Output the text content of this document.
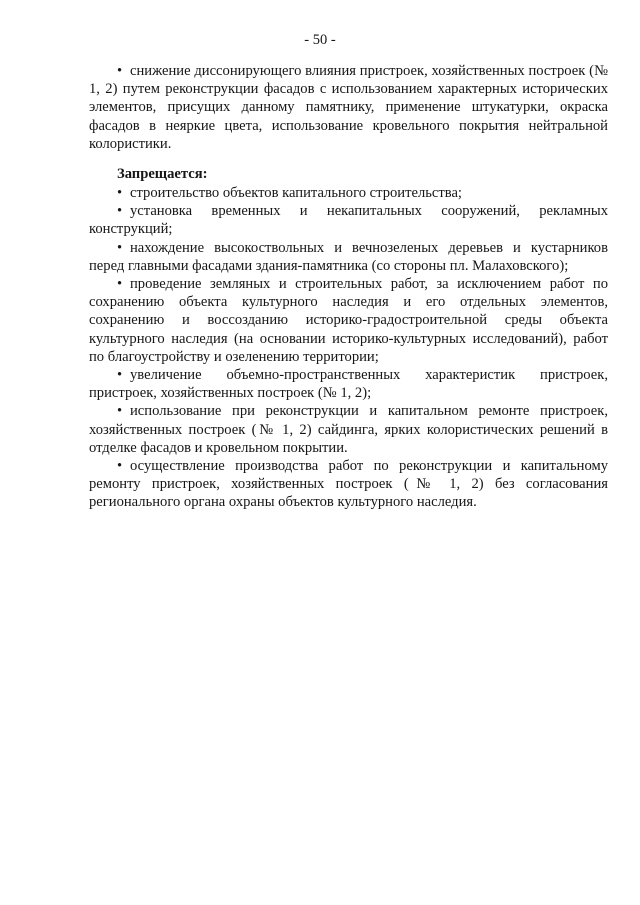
- 50 -

• снижение диссонирующего влияния пристроек, хозяйственных построек (№ 1, 2) путем реконструкции фасадов с использованием характерных исторических элементов, присущих данному памятнику, применение штукатурки, окраска фасадов в неяркие цвета, использование кровельного покрытия нейтральной колористики.

Запрещается:

• строительство объектов капитального строительства;

• установка временных и некапитальных сооружений, рекламных конструкций;

• нахождение высокоствольных и вечнозеленых деревьев и кустарников перед главными фасадами здания-памятника (со стороны пл. Малаховского);

• проведение земляных и строительных работ, за исключением работ по сохранению объекта культурного наследия и его отдельных элементов, сохранению и воссозданию историко-градостроительной среды объекта культурного наследия (на основании историко-культурных исследований), работ по благоустройству и озеленению территории;

• увеличение объемно-пространственных характеристик пристроек, пристроек, хозяйственных построек (№ 1, 2);

• использование при реконструкции и капитальном ремонте пристроек, хозяйственных построек (№ 1, 2) сайдинга, ярких колористических решений в отделке фасадов и кровельном покрытии.

• осуществление производства работ по реконструкции и капитальному ремонту пристроек, хозяйственных построек (№ 1, 2) без согласования регионального органа охраны объектов культурного наследия.
